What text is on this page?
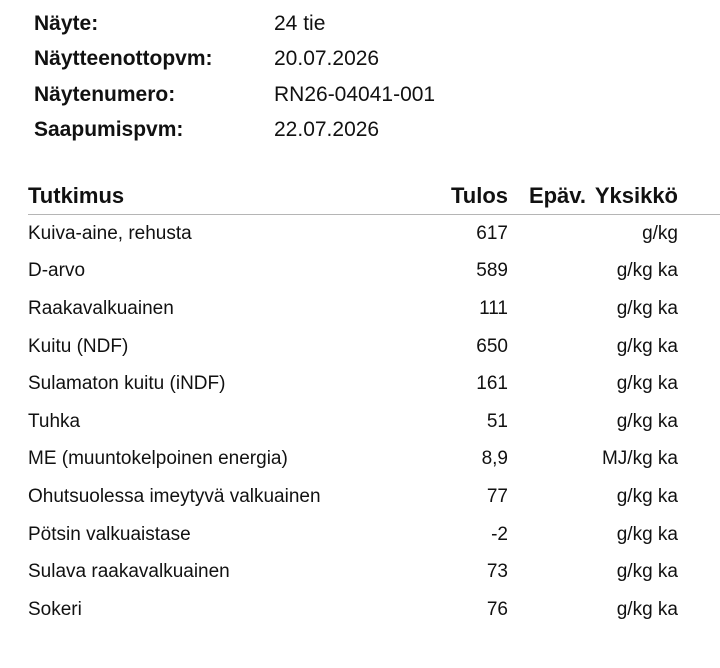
Näyte:	24 tie
Näytteenottopvm:	20.07.2026
Näytenumero:	RN26-04041-001
Saapumispvm:	22.07.2026
Tutkimus	Tulos Epäv. Yksikkö
Kuiva-aine, rehusta	617	g/kg
D-arvo	589	g/kg ka
Raakavalkuainen	111	g/kg ka
Kuitu (NDF)	650	g/kg ka
Sulamaton kuitu (iNDF)	161	g/kg ka
Tuhka	51	g/kg ka
ME (muuntokelpoinen energia)	8,9	MJ/kg ka
Ohutsuolessa imeytyvä valkuainen	77	g/kg ka
Pötsin valkuaistase	-2	g/kg ka
Sulava raakavalkuainen	73	g/kg ka
Sokeri	76	g/kg ka
